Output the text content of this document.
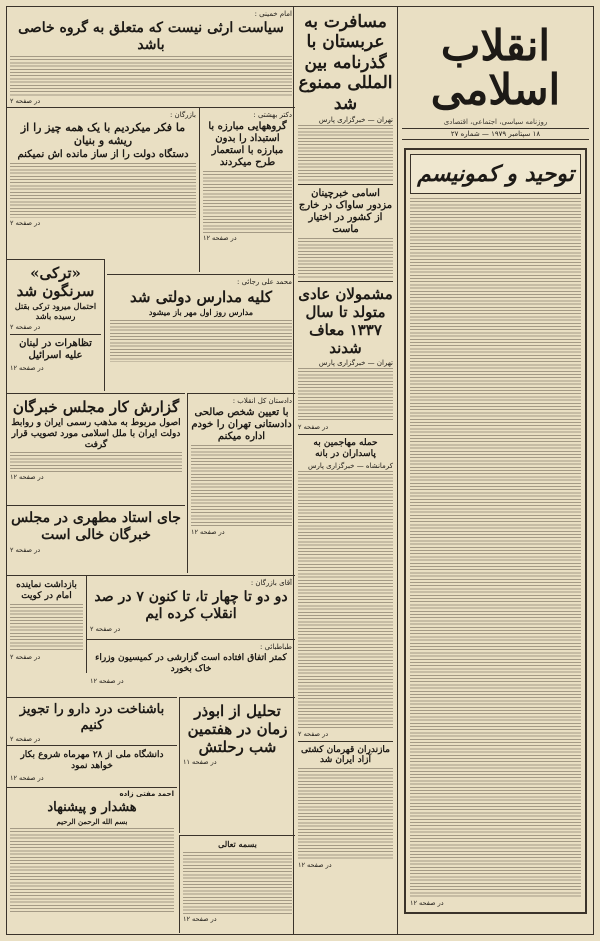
انقلاب اسلامی
روزنامه سیاسی، اجتماعی، اقتصادی
۱۸ سپتامبر ۱۹۷۹ — شماره ۲۷
توحید و کمونیسم
در صفحه ۱۲
مسافرت به عربستان با گذرنامه بین المللی ممنوع شد
تهران — خبرگزاری پارس
اسامی خبرچینان مزدور ساواک در خارج از کشور در اختیار ماست
مشمولان عادی متولد تا سال ۱۳۳۷ معاف شدند
تهران — خبرگزاری پارس
در صفحه ۲
حمله مهاجمین به پاسداران در بانه
کرمانشاه — خبرگزاری پارس
در صفحه ۲
مازندران قهرمان کشتی آزاد ایران شد
در صفحه ۱۲
امام خمینی :
سیاست ارثی نیست که متعلق به گروه خاصی باشد
در صفحه ۲
دکتر بهشتی :
گروههایی مبارزه با استبداد را بدون مبارزه با استعمار طرح میکردند
در صفحه ۱۲
بازرگان :
ما فکر میکردیم با یک همه چیز را از ریشه و بنیان
دستگاه دولت را از ساز مانده اش نمیکنم
در صفحه ۲
«ترکی» سرنگون شد
احتمال میرود ترکی بقتل رسیده باشد
در صفحه ۲
تظاهرات در لبنان علیه اسرائیل
در صفحه ۱۲
محمد علی رجائی :
کلیه مدارس دولتی شد
مدارس روز اول مهر باز میشود
گزارش کار مجلس خبرگان
اصول مربوط به مذهب رسمی ایران و روابط دولت ایران با ملل اسلامی مورد تصویب قرار گرفت
در صفحه ۱۲
دادستان کل انقلاب :
با تعیین شخص صالحی دادستانی تهران را خودم اداره میکنم
در صفحه ۱۲
جای استاد مطهری در مجلس خبرگان خالی است
در صفحه ۲
بازداشت نماینده امام در کویت
در صفحه ۲
آقای بازرگان :
دو دو تا چهار تا، تا کنون ۷ در صد انقلاب کرده ایم
در صفحه ۲
طباطبائی :
کمتر اتفاق افتاده است گزارشی در کمیسیون وزراء خاک بخورد
در صفحه ۱۲
باشناخت درد دارو را تجویز کنیم
در صفحه ۲
تحلیل از ابوذر زمان در هفتمین شب رحلتش
در صفحه ۱۱
دانشگاه ملی از ۲۸ مهرماه شروع بکار خواهد نمود
در صفحه ۱۲
احمد مفتی زاده
هشدار و پیشنهاد
بسم الله الرحمن الرحیم
بسمه تعالی
در صفحه ۱۲
